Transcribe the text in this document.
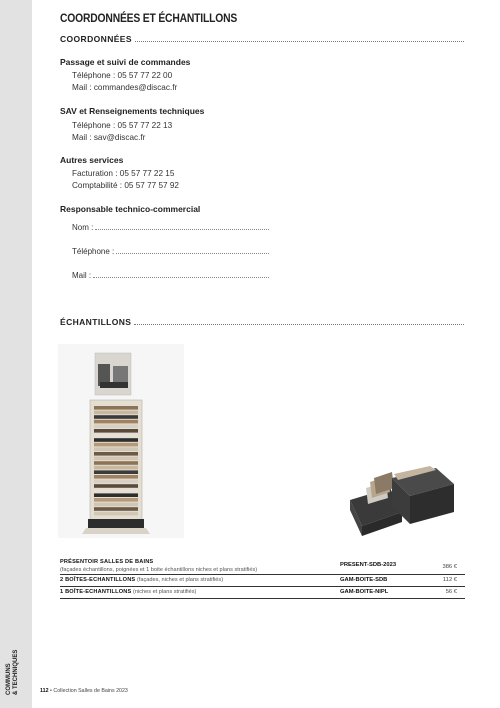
COMMUNS & TECHNIQUES
COORDONNÉES ET ÉCHANTILLONS
COORDONNÉES
Passage et suivi de commandes
Téléphone : 05 57 77 22 00
Mail : commandes@discac.fr
SAV et Renseignements techniques
Téléphone : 05 57 77 22 13
Mail : sav@discac.fr
Autres services
Facturation : 05 57 77 22 15
Comptabilité : 05 57 77 57 92
Responsable technico-commercial
Nom :
Téléphone :
Mail :
ÉCHANTILLONS
PRÉSENTOIR SALLES DE BAINS
(façades échantillons, poignées et 1 boite échantillons niches et plans stratifiés)
PRESENT-SDB-2023	386 €
2 BOÎTES-ECHANTILLONS (façades, niches et plans stratifiés)	GAM-BOITE-SDB	112 €
1 BOÎTE-ECHANTILLONS (niches et plans stratifiés)	GAM-BOITE-NIPL	56 €
112 • Collection Salles de Bains 2023
